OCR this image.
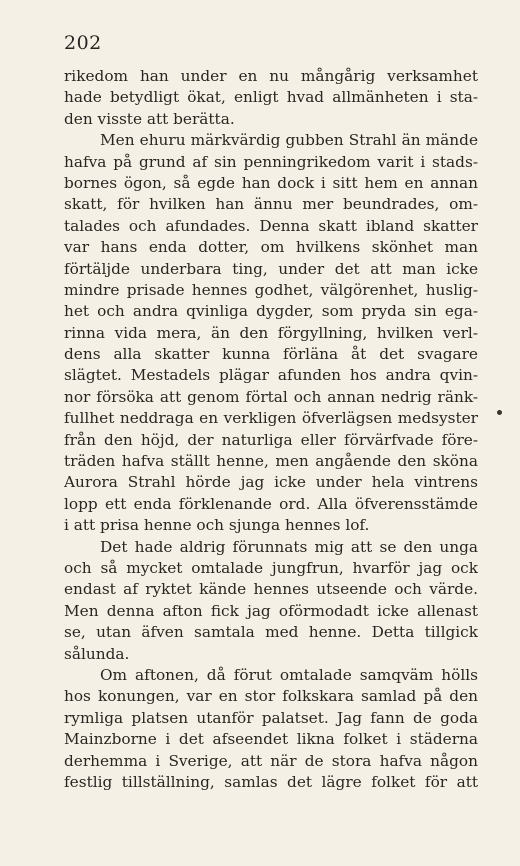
202
rikedom han under en nu mångårig verksamhet
hade betydligt ökat, enligt hvad allmänheten i sta-
den visste att berätta.
Men ehuru märkvärdig gubben Strahl än mände
hafva på grund af sin penningrikedom varit i stads-
bornes ögon, så egde han dock i sitt hem en annan
skatt, för hvilken han ännu mer beundrades, om-
talades och afundades. Denna skatt ibland skatter
var hans enda dotter, om hvilkens skönhet man
förtäljde underbara ting, under det att man icke
mindre prisade hennes godhet, välgörenhet, huslig-
het och andra qvinliga dygder, som pryda sin ega-
rinna vida mera, än den förgyllning, hvilken verl-
dens alla skatter kunna förläna åt det svagare
slägtet. Mestadels plägar afunden hos andra qvin-
nor försöka att genom förtal och annan nedrig ränk-
fullhet neddraga en verkligen öfverlägsen medsyster
från den höjd, der naturliga eller förvärfvade före-
träden hafva ställt henne, men angående den sköna
Aurora Strahl hörde jag icke under hela vintrens
lopp ett enda förklenande ord. Alla öfverensstämde
i att prisa henne och sjunga hennes lof.
Det hade aldrig förunnats mig att se den unga
och så mycket omtalade jungfrun, hvarför jag ock
endast af ryktet kände hennes utseende och värde.
Men denna afton fick jag oförmodadt icke allenast
se, utan äfven samtala med henne. Detta tillgick
sålunda.
Om aftonen, då förut omtalade samqväm hölls
hos konungen, var en stor folkskara samlad på den
rymliga platsen utanför palatset. Jag fann de goda
Mainzborne i det afseendet likna folket i städerna
derhemma i Sverige, att när de stora hafva någon
festlig tillställning, samlas det lägre folket för att
